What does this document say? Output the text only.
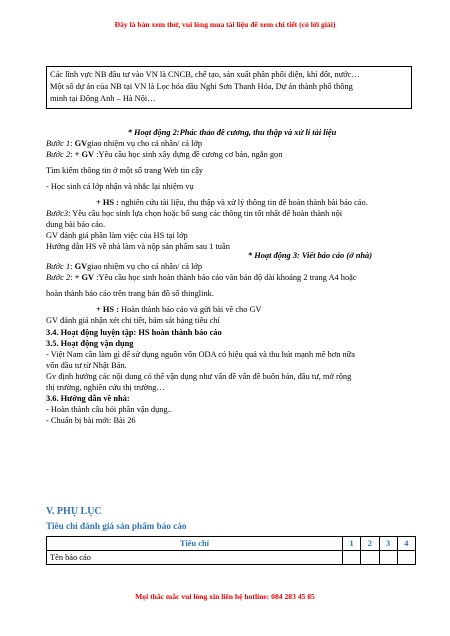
Đây là bản xem thử, vui lòng mua tài liệu để xem chi tiết (có lời giải)
Các lĩnh vực NB đầu tư vào VN là CNCB, chế tạo, sản xuất phân phối điện, khí đốt, nước…
Một số dự án của NB tại VN là Lọc hóa dầu Nghi Sơn Thanh Hóa, Dự án thành phố thông
minh tại Đông Anh – Hà Nội…
* Hoạt động 2:Phác thảo đề cương, thu thập và xử lí tài liệu
Bước 1: GVgiao nhiệm vụ cho cá nhân/ cả lớp
Bước 2: + GV :Yêu cầu học sinh xây dựng đề cương cơ bản, ngắn gọn
Tìm kiếm thông tin ở một số trang Web tin cậy
- Học sinh cả lớp nhận và nhắc lại nhiệm vụ
+ HS : nghiên cứu tài liệu, thu thập và xử lý thông tin để hoàn thành bài báo cáo.
Bước3: Yêu cầu học sinh lựa chọn hoặc bổ sung các thông tin tốt nhất để hoàn thành nội
dung bài báo cáo.
GV đánh giá phần làm việc của HS tại lớp
Hướng dẫn HS về nhà làm và nộp sản phẩm sau 1 tuần
* Hoạt động 3: Viết báo cáo (ở nhà)
Bước 1: GVgiao nhiệm vụ cho cá nhân/ cả lớp
Bước 2: + GV :Yêu cầu học sinh hoàn thành báo cáo văn bản độ dài khoảng 2 trang A4 hoặc
hoàn thành báo cáo trên trang bản đồ số thinglink.
+ HS : Hoàn thành báo cáo và gửi bài về cho GV
GV đánh giá nhận xét chi tiết, bám sát bảng tiêu chí
3.4. Hoạt động luyện tập: HS hoàn thành báo cáo
3.5. Hoạt động vận dụng
- Việt Nam cần làm gì để sử dụng nguồn vốn ODA có hiệu quả và thu hút mạnh mẽ hơn nữa
vốn đầu tư từ Nhật Bản.
Gv định hướng các nội dung có thể vận dụng như vấn đề vấn đề buôn bán, đầu tư, mở rộng
thị trường, nghiên cứu thị trường…
3.6. Hướng dẫn về nhà:
- Hoàn thành câu hỏi phần vận dụng..
- Chuẩn bị bài mới: Bài 26
V. PHỤ LỤC
Tiêu chí đánh giá sản phẩm báo cáo
Tiêu chí	1	2	3	4
Tên báo cáo				
Mọi thắc mắc vui lòng xin liên hệ hotline: 084 283 45 85
